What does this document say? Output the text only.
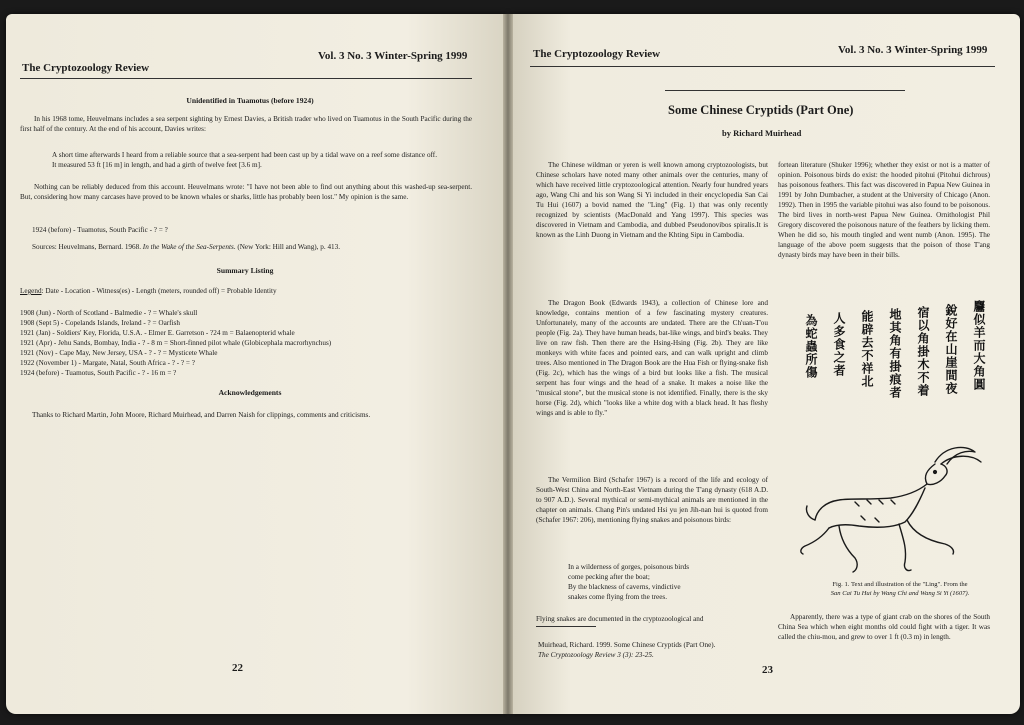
The Cryptozoology Review
Vol. 3 No. 3 Winter-Spring 1999
Unidentified in Tuamotus (before 1924)
In his 1968 tome, Heuvelmans includes a sea serpent sighting by Ernest Davies, a British trader who lived on Tuamotus in the South Pacific during the first half of the century. At the end of his account, Davies writes:
A short time afterwards I heard from a reliable source that a sea-serpent had been cast up by a tidal wave on a reef some distance off. It measured 53 ft [16 m] in length, and had a girth of twelve feet [3.6 m].
Nothing can be reliably deduced from this account. Heuvelmans wrote: "I have not been able to find out anything about this washed-up sea-serpent. But, considering how many carcases have proved to be known whales or sharks, little has probably been lost." My opinion is the same.
1924 (before) - Tuamotus, South Pacific - ? = ?
Sources: Heuvelmans, Bernard. 1968. In the Wake of the Sea-Serpents. (New York: Hill and Wang), p. 413.
Summary Listing
Legend: Date - Location - Witness(es) - Length (meters, rounded off) = Probable Identity
1908 (Jun) - North of Scotland - Balmedie - ? = Whale's skull
1908 (Sept 5) - Copelands Islands, Ireland - ? = Oarfish
1921 (Jan) - Soldiers' Key, Florida, U.S.A. - Elmer E. Garretson - ?24 m = Balaenopterid whale
1921 (Apr) - Jehu Sands, Bombay, India - ? - 8 m = Short-finned pilot whale (Globicephala macrorhynchus)
1921 (Nov) - Cape May, New Jersey, USA - ? - ? = Mysticete Whale
1922 (November 1) - Margate, Natal, South Africa - ? - ? = ?
1924 (before) - Tuamotus, South Pacific - ? - 16 m = ?
Acknowledgements
Thanks to Richard Martin, John Moore, Richard Muirhead, and Darren Naish for clippings, comments and criticisms.
22
The Cryptozoology Review	Vol. 3 No. 3 Winter-Spring 1999
Some Chinese Cryptids (Part One)
by Richard Muirhead
The Chinese wildman or yeren is well known among cryptozoologists, but Chinese scholars have noted many other animals over the centuries, many of which have received little cryptozoological attention. Nearly four hundred years ago, Wang Chi and his son Wang Si Yi included in their encyclopedia San Cai Tu Hui (1607) a bovid named the "Ling" (Fig. 1) that was only recently recognized by scientists (MacDonald and Yang 1997). This species was discovered in Vietnam and Cambodia, and dubbed Pseudonovibos spiralis.It is known as the Linh Duong in Vietnam and the Khting Sipu in Cambodia.
The Dragon Book (Edwards 1943), a collection of Chinese lore and knowledge, contains mention of a few fascinating mystery creatures. Unfortunately, many of the accounts are undated. There are the Ch'uan-T'ou people (Fig. 2a). They have human heads, bat-like wings, and bird's beaks. They live on raw fish. Then there are the Hsing-Hsing (Fig. 2b). They are like monkeys with white faces and pointed ears, and can walk upright and climb trees. Also mentioned in The Dragon Book are the Hua Fish or flying-snake fish (Fig. 2c), which has the wings of a bird but looks like a fish. The musical serpent has four wings and the head of a snake. It makes a noise like the "musical stone", but the musical stone is not identified. Finally, there is the sky horse (Fig. 2d), which "looks like a white dog with a black head. It has fleshy wings and is able to fly."
The Vermilion Bird (Schafer 1967) is a record of the life and ecology of South-West China and North-East Vietnam during the T'ang dynasty (618 A.D. to 907 A.D.). Several mythical or semi-mythical animals are mentioned in the chapter on animals. Chang Pin's undated Hsi yu jen Jih-nan hui is quoted from (Schafer 1967: 206), mentioning flying snakes and poisonous birds:
In a wilderness of gorges, poisonous birds
come pecking after the boat;
By the blackness of caverns, vindictive
snakes come flying from the trees.
Flying snakes are documented in the cryptozoological and
Muirhead, Richard. 1999. Some Chinese Cryptids (Part One).
The Cryptozoology Review 3 (3): 23-25.
23
fortean literature (Shuker 1996); whether they exist or not is a matter of opinion. Poisonous birds do exist: the hooded pitohui (Pitohui dichrous) has poisonous feathers. This fact was discovered in Papua New Guinea in 1991 by John Dumbacher, a student at the University of Chicago (Anon. 1992). Then in 1995 the variable pitohui was also found to be poisonous. The bird lives in north-west Papua New Guinea. Ornithologist Phil Gregory discovered the poisonous nature of the feathers by licking them. When he did so, his mouth tingled and went numb (Anon. 1995). The language of the above poem suggests that the poison of those T'ang dynasty birds may have been in their bills.
麢似羊而大角圓
銳好在山崖間夜
宿以角掛木不着
地其角有掛痕者
能辟去不祥北
人多食之者
為蛇蟲所傷
Fig. 1. Text and illustration of the "Ling". From the
San Cai Tu Hui by Wang Chi and Wang Si Yi (1607).
Apparently, there was a type of giant crab on the shores of the South China Sea which when eight months old could fight with a tiger. It was called the chiu-mou, and grew to over 1 ft (0.3 m) in length.
